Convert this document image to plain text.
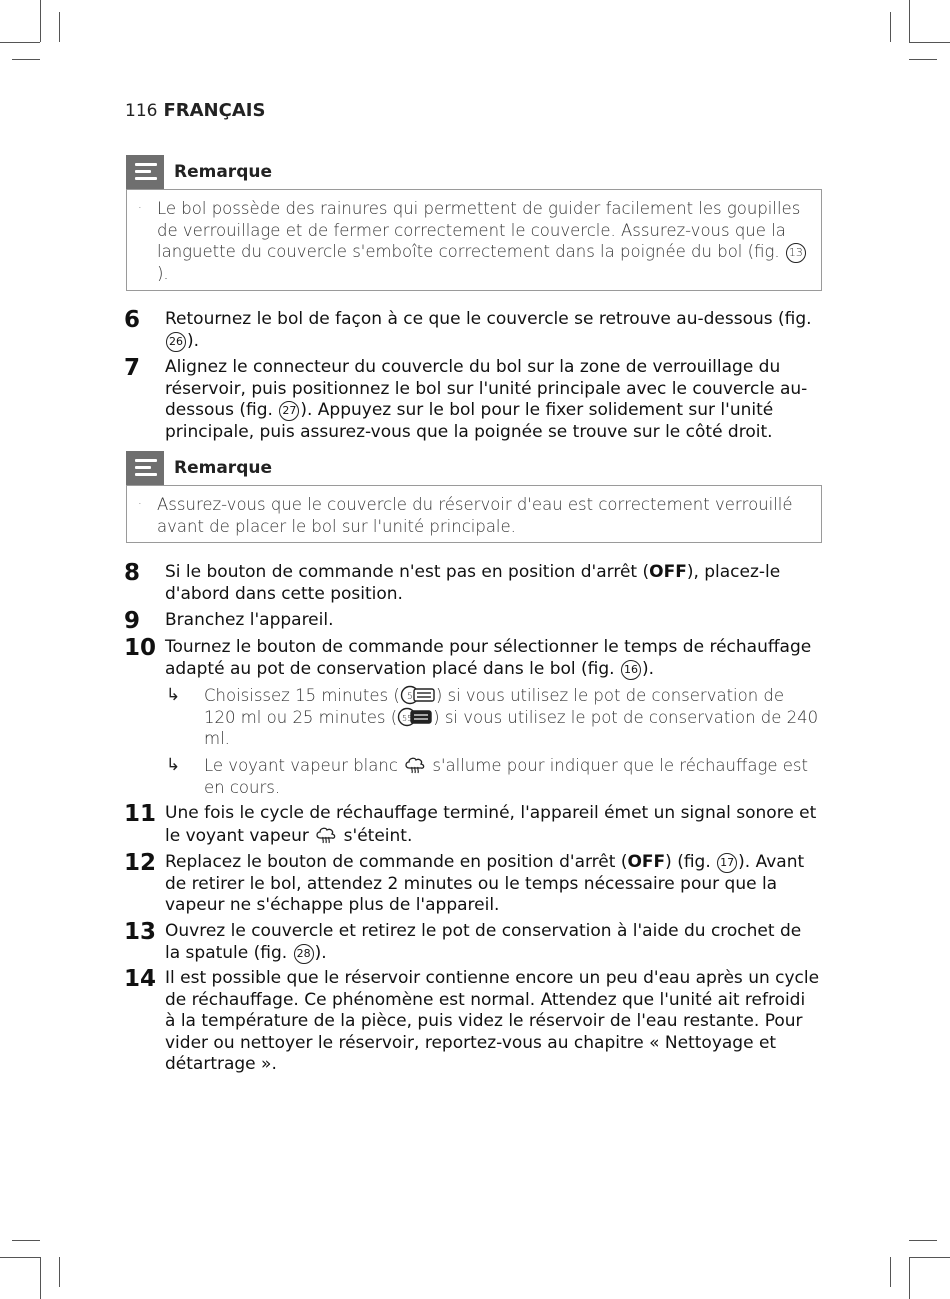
116 FRANÇAIS
Remarque
· Le bol possède des rainures qui permettent de guider facilement les goupilles de verrouillage et de fermer correctement le couvercle. Assurez-vous que la languette du couvercle s'emboîte correctement dans la poignée du bol (fig. 13).
6 Retournez le bol de façon à ce que le couvercle se retrouve au-dessous (fig. 26 ).
7 Alignez le connecteur du couvercle du bol sur la zone de verrouillage du réservoir, puis positionnez le bol sur l'unité principale avec le couvercle au-dessous (fig. 27 ). Appuyez sur le bol pour le fixer solidement sur l'unité principale, puis assurez-vous que la poignée se trouve sur le côté droit.
Remarque
· Assurez-vous que le couvercle du réservoir d'eau est correctement verrouillé avant de placer le bol sur l'unité principale.
8 Si le bouton de commande n'est pas en position d'arrêt (OFF), placez-le d'abord dans cette position.
9 Branchez l'appareil.
10 Tournez le bouton de commande pour sélectionner le temps de réchauffage adapté au pot de conservation placé dans le bol (fig. 16 ).
↳ Choisissez 15 minutes ( 5 ) si vous utilisez le pot de conservation de 120 ml ou 25 minutes ( 55 ) si vous utilisez le pot de conservation de 240 ml.
↳ Le voyant vapeur blanc  s'allume pour indiquer que le réchauffage est en cours.
11 Une fois le cycle de réchauffage terminé, l'appareil émet un signal sonore et le voyant vapeur  s'éteint.
12 Replacez le bouton de commande en position d'arrêt (OFF) (fig. 17 ). Avant de retirer le bol, attendez 2 minutes ou le temps nécessaire pour que la vapeur ne s'échappe plus de l'appareil.
13 Ouvrez le couvercle et retirez le pot de conservation à l'aide du crochet de la spatule (fig. 28 ).
14 Il est possible que le réservoir contienne encore un peu d'eau après un cycle de réchauffage. Ce phénomène est normal. Attendez que l'unité ait refroidi à la température de la pièce, puis videz le réservoir de l'eau restante. Pour vider ou nettoyer le réservoir, reportez-vous au chapitre « Nettoyage et détartrage ».
